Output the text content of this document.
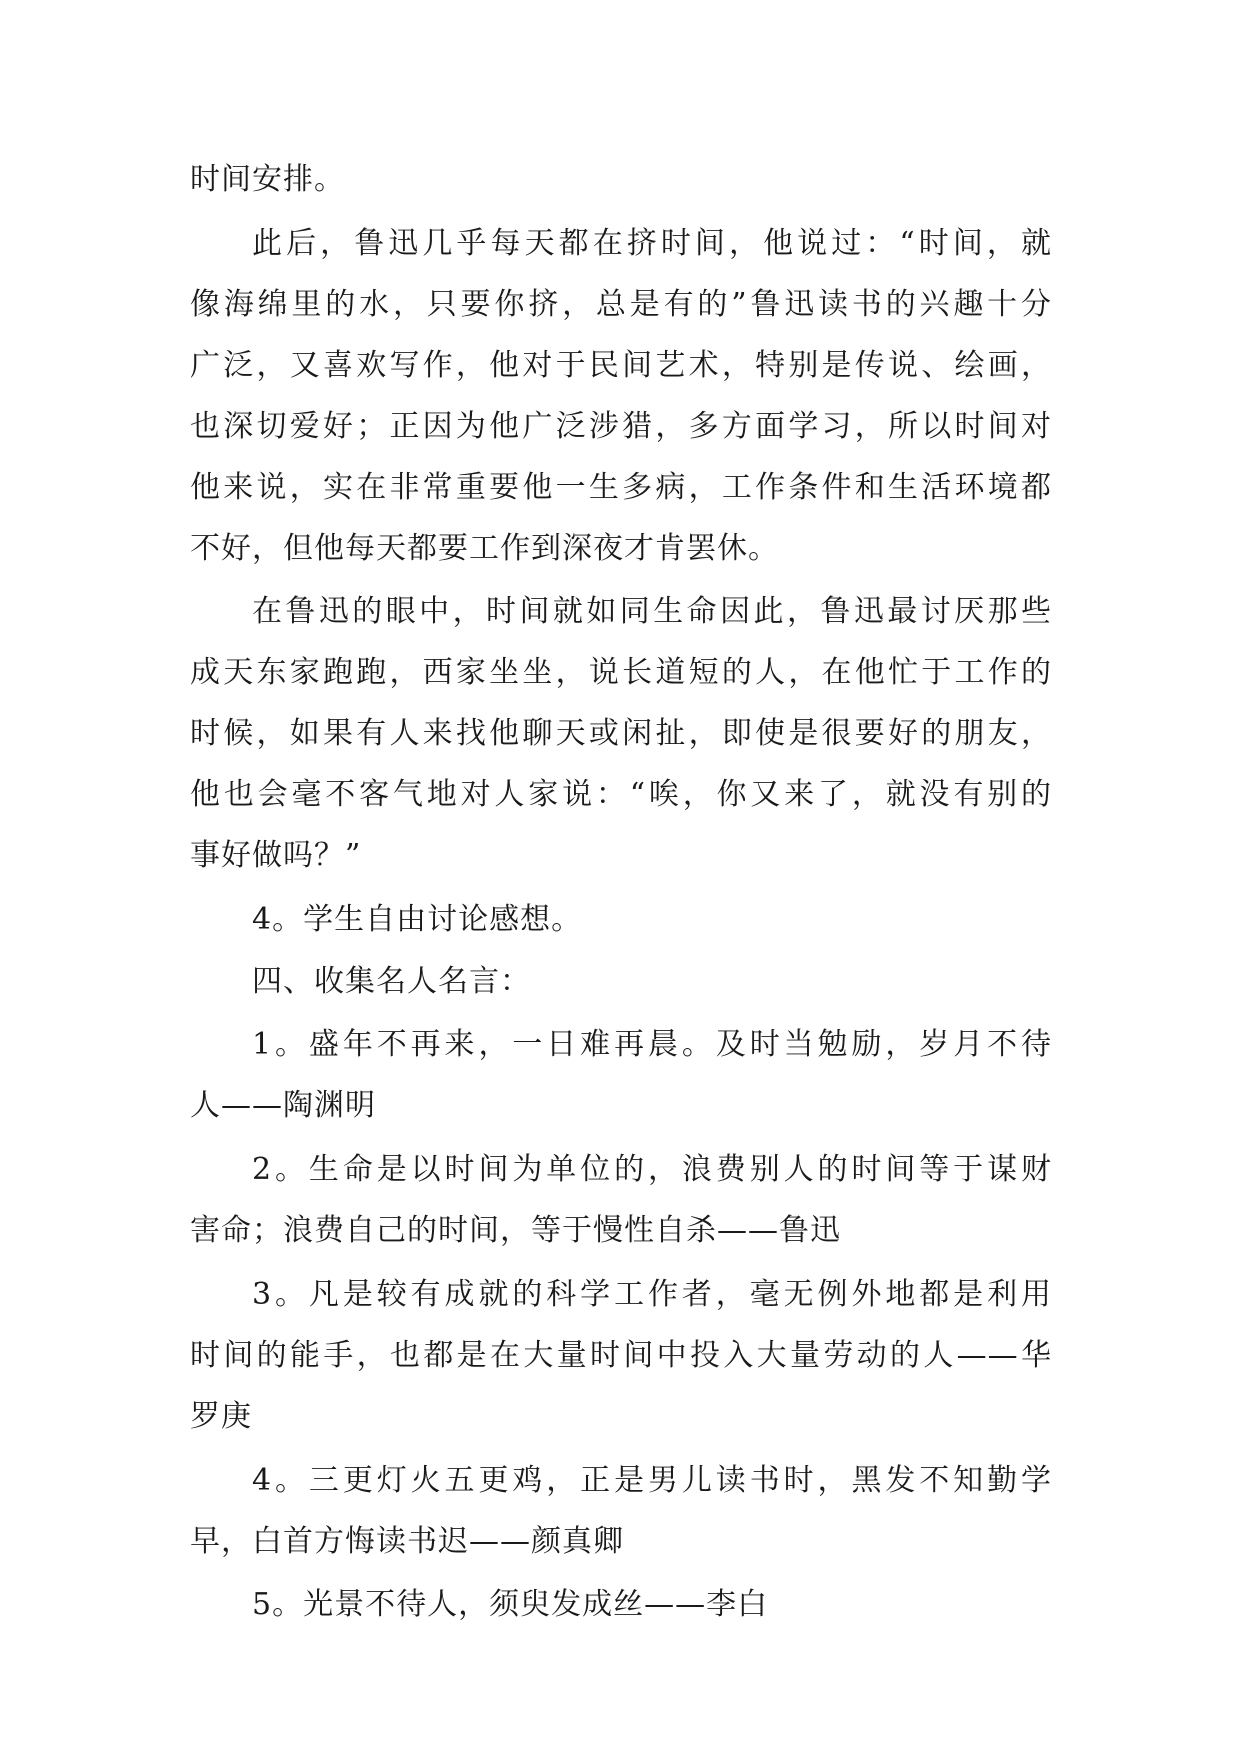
时间安排。
此后，鲁迅几乎每天都在挤时间，他说过：“时间，就
像海绵里的水，只要你挤，总是有的”鲁迅读书的兴趣十分
广泛，又喜欢写作，他对于民间艺术，特别是传说、绘画，
也深切爱好；正因为他广泛涉猎，多方面学习，所以时间对
他来说，实在非常重要他一生多病，工作条件和生活环境都
不好，但他每天都要工作到深夜才肯罢休。
在鲁迅的眼中，时间就如同生命因此，鲁迅最讨厌那些
成天东家跑跑，西家坐坐，说长道短的人，在他忙于工作的
时候，如果有人来找他聊天或闲扯，即使是很要好的朋友，
他也会毫不客气地对人家说：“唉，你又来了，就没有别的
事好做吗？”
4。学生自由讨论感想。
四、收集名人名言：
1。盛年不再来，一日难再晨。及时当勉励，岁月不待
人——陶渊明
2。生命是以时间为单位的，浪费别人的时间等于谋财
害命；浪费自己的时间，等于慢性自杀——鲁迅
3。凡是较有成就的科学工作者，毫无例外地都是利用
时间的能手，也都是在大量时间中投入大量劳动的人——华
罗庚
4。三更灯火五更鸡，正是男儿读书时，黑发不知勤学
早，白首方悔读书迟——颜真卿
5。光景不待人，须臾发成丝——李白
